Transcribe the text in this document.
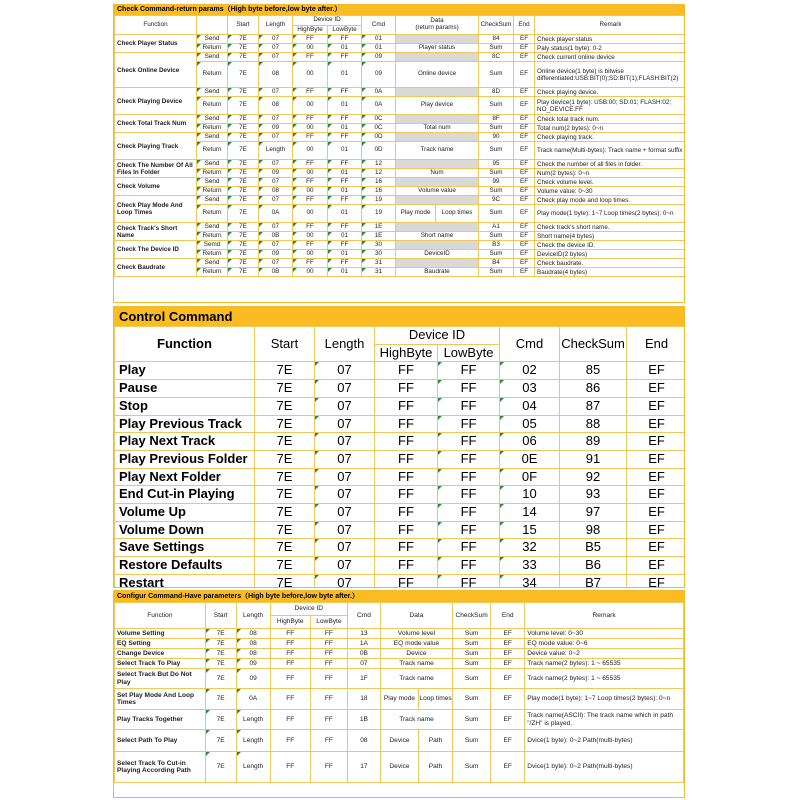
Check Command-return params（High byte before,low byte after.）
Function		Start	Length	Device ID		Cmd	Data
(return params)		CheckSum	End	Remark
				HighByte	LowByte						
Check Player Status	Send	7E	07	FF	FF	01			84	EF	Check player status
	Return	7E	07	00	01	01	Player status		Sum	EF	Paly status(1 byte): 0-2
Check Online Device	Send	7E	07	FF	FF	09			8C	EF	Check current online device
	Return	7E	08	00	01	09	Online device		Sum	EF	Online device(1 byte) is bitwise differentiated:USB:BIT(0);SD:BIT(1);FLASH:BIT(2)
Check Playing Device	Send	7E	07	FF	FF	0A			8D	EF	Check playing device.
	Return	7E	08	00	01	0A	Play device		Sum	EF	Play device(1 byte): USB:00; SD:01; FLASH:02; NO_DEVICE:FF
Check Total Track Num	Send	7E	07	FF	FF	0C			8F	EF	Check total track num.
	Return	7E	09	00	01	0C	Total num		Sum	EF	Total num(2 bytes): 0~n
Check Playing Track	Send	7E	07	FF	FF	0D			90	EF	Check playing track.
	Return	7E	Length	00	01	0D	Track name		Sum	EF	Track name(Multi-bytes): Track name + format suffix
Check The Number Of All Files In Folder	Send	7E	07	FF	FF	12			95	EF	Check the number of all files in folder.
	Return	7E	09	00	01	12	Num		Sum	EF	Num(2 bytes): 0~n
Check Volume	Send	7E	07	FF	FF	16			99	EF	Check volume level.
	Return	7E	08	00	01	16	Volume value		Sum	EF	Volume value: 0~30
Check Play Mode And Loop Times	Send	7E	07	FF	FF	19			9C	EF	Check play mode and loop times.
	Return	7E	0A	00	01	19	Play mode	Loop times	Sum	EF	Play mode(1 byte): 1~7 Loop times(2 bytes): 0~n
Check Track's Short Name	Send	7E	07	FF	FF	1E			A1	EF	Check track's short name.
	Return	7E	0B	00	01	1E	Short name		Sum	EF	Short name(4 bytes)
Check The Device ID	Semd	7E	07	FF	FF	30			B3	EF	Check the device ID.
	Return	7E	09	00	01	30	DeviceID		Sum	EF	DeviceID(2 bytes)
Check Baudrate	Send	7E	07	FF	FF	31			B4	EF	Check baudrate.
	Return	7E	0B	00	01	31	Baudrate		Sum	EF	Baudrate(4 bytes)
Control Command
Function	Start	Length	Device ID		Cmd	CheckSum	End
			HighByte	LowByte			
Play	7E	07	FF	FF	02	85	EF
Pause	7E	07	FF	FF	03	86	EF
Stop	7E	07	FF	FF	04	87	EF
Play Previous Track	7E	07	FF	FF	05	88	EF
Play Next Track	7E	07	FF	FF	06	89	EF
Play Previous Folder	7E	07	FF	FF	0E	91	EF
Play Next Folder	7E	07	FF	FF	0F	92	EF
End Cut-in Playing	7E	07	FF	FF	10	93	EF
Volume Up	7E	07	FF	FF	14	97	EF
Volume Down	7E	07	FF	FF	15	98	EF
Save Settings	7E	07	FF	FF	32	B5	EF
Restore Defaults	7E	07	FF	FF	33	B6	EF
Restart	7E	07	FF	FF	34	B7	EF
Configur Command-Have parameters（High byte before,low byte after.）
Function	Start	Length	Device ID		Cmd	Data		CheckSum	End	Remark
			HighByte	LowByte						
Volume Setting	7E	08	FF	FF	13	Volume level		Sum	EF	Volume level: 0~30
EQ Setting	7E	08	FF	FF	1A	EQ mode value		Sum	EF	EQ mode value: 0~6
Change Device	7E	08	FF	FF	0B	Device		Sum	EF	Device value: 0~2
Select Track To Play	7E	09	FF	FF	07	Track name		Sum	EF	Track name(2 bytes): 1 ~ 65535
Select Track But Do Not Play	7E	09	FF	FF	1F	Track name		Sum	EF	Track name(2 bytes): 1 ~ 65535
Set Play Mode And Loop Times	7E	0A	FF	FF	18	Play mode	Loop times	Sum	EF	Play mode(1 byte): 1~7 Loop times(2 bytes): 0~n
Play Tracks Together	7E	Length	FF	FF	1B	Track name		Sum	EF	Track name(ASCII): The track name which in path "/ZH" is played.
Select Path To Play	7E	Length	FF	FF	08	Device	Path	Sum	EF	Dvice(1 byte): 0~2 Path(multi-bytes)
Select Track To Cut-in Playing According Path	7E	Length	FF	FF	17	Device	Path	Sum	EF	Dvice(1 byte): 0~2 Path(multi-bytes)
